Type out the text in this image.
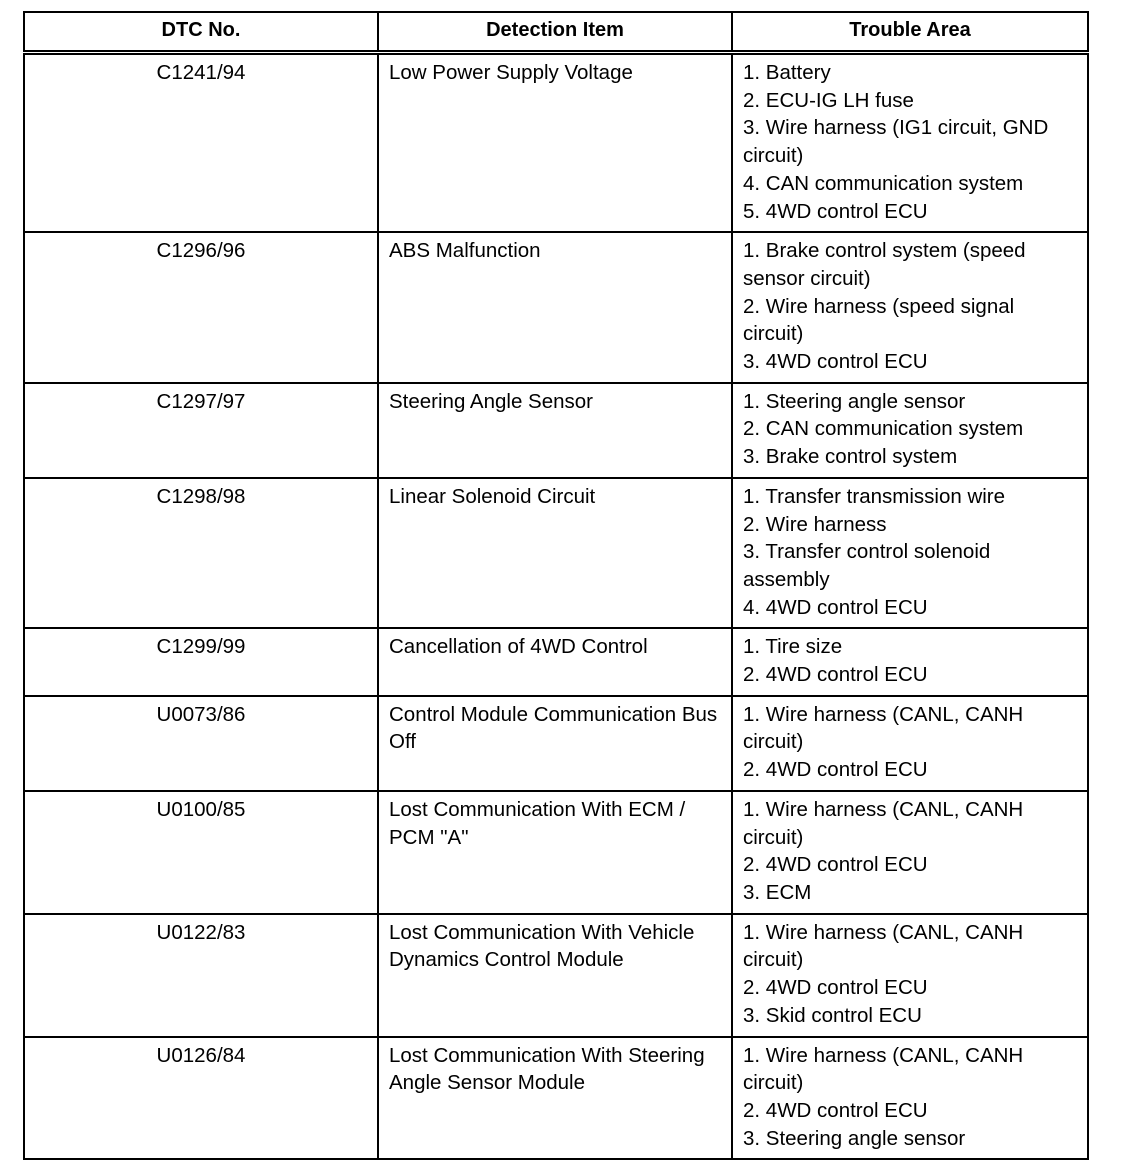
DTC No.	Detection Item	Trouble Area
C1241/94	Low Power Supply Voltage	1. Battery
2. ECU-IG LH fuse
3. Wire harness (IG1 circuit, GND circuit)
4. CAN communication system
5. 4WD control ECU

C1296/96	ABS Malfunction	1. Brake control system (speed sensor circuit)
2. Wire harness (speed signal circuit)
3. 4WD control ECU

C1297/97	Steering Angle Sensor	1. Steering angle sensor
2. CAN communication system
3. Brake control system

C1298/98	Linear Solenoid Circuit	1. Transfer transmission wire
2. Wire harness
3. Transfer control solenoid assembly
4. 4WD control ECU

C1299/99	Cancellation of 4WD Control	1. Tire size
2. 4WD control ECU

U0073/86	Control Module Communication Bus Off	1. Wire harness (CANL, CANH circuit)
2. 4WD control ECU

U0100/85	Lost Communication With ECM / PCM "A"	1. Wire harness (CANL, CANH circuit)
2. 4WD control ECU
3. ECM

U0122/83	Lost Communication With Vehicle Dynamics Control Module	1. Wire harness (CANL, CANH circuit)
2. 4WD control ECU
3. Skid control ECU

U0126/84	Lost Communication With Steering Angle Sensor Module	1. Wire harness (CANL, CANH circuit)
2. 4WD control ECU
3. Steering angle sensor
